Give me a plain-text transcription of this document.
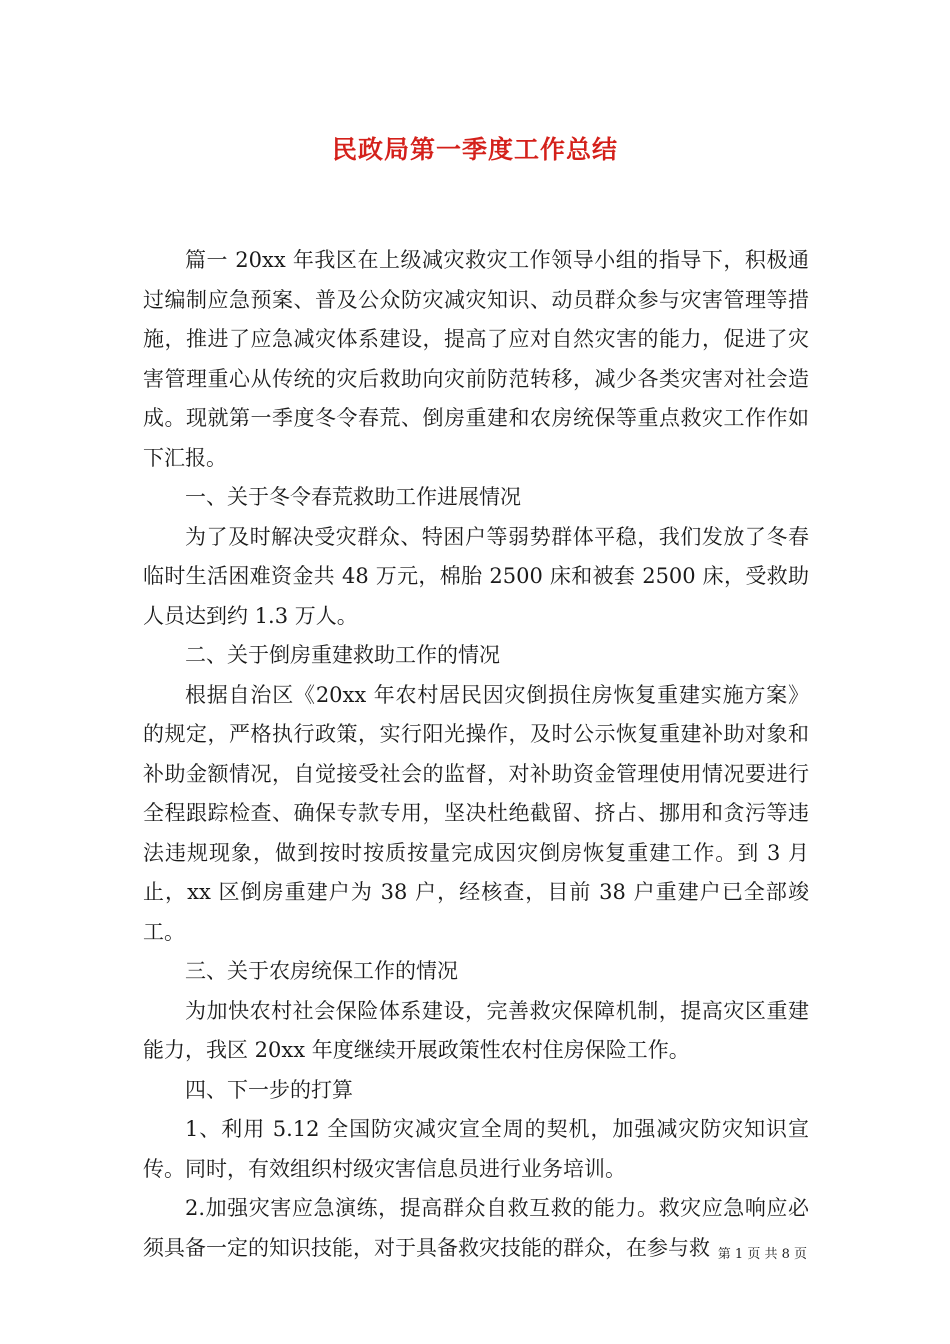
民政局第一季度工作总结

篇一 20xx 年我区在上级减灾救灾工作领导小组的指导下，积极通过编制应急预案、普及公众防灾减灾知识、动员群众参与灾害管理等措施，推进了应急减灾体系建设，提高了应对自然灾害的能力，促进了灾害管理重心从传统的灾后救助向灾前防范转移，减少各类灾害对社会造成。现就第一季度冬令春荒、倒房重建和农房统保等重点救灾工作作如下汇报。

一、关于冬令春荒救助工作进展情况

为了及时解决受灾群众、特困户等弱势群体平稳，我们发放了冬春临时生活困难资金共 48 万元，棉胎 2500 床和被套 2500 床，受救助人员达到约 1.3 万人。

二、关于倒房重建救助工作的情况

根据自治区《20xx 年农村居民因灾倒损住房恢复重建实施方案》的规定，严格执行政策，实行阳光操作，及时公示恢复重建补助对象和补助金额情况，自觉接受社会的监督，对补助资金管理使用情况要进行全程跟踪检查、确保专款专用，坚决杜绝截留、挤占、挪用和贪污等违法违规现象，做到按时按质按量完成因灾倒房恢复重建工作。到 3 月止，xx 区倒房重建户为 38 户，经核查，目前 38 户重建户已全部竣工。

三、关于农房统保工作的情况

为加快农村社会保险体系建设，完善救灾保障机制，提高灾区重建能力，我区 20xx 年度继续开展政策性农村住房保险工作。

四、下一步的打算

1、利用 5.12 全国防灾减灾宣全周的契机，加强减灾防灾知识宣传。同时，有效组织村级灾害信息员进行业务培训。

2.加强灾害应急演练，提高群众自救互救的能力。救灾应急响应必须具备一定的知识技能，对于具备救灾技能的群众，在参与救 第 1 页 共 8 页
